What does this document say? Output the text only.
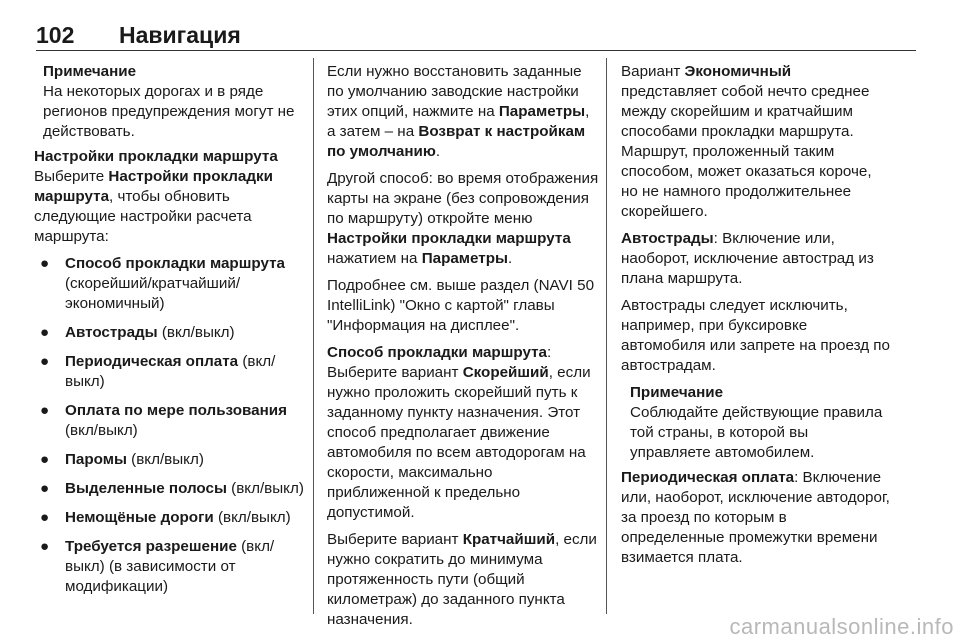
102 Навигация
Примечание
На некоторых дорогах и в ряде регионов предупреждения могут не действовать.

Настройки прокладки маршрута

Выберите Настройки прокладки маршрута, чтобы обновить следующие настройки расчета маршрута:

● Способ прокладки маршрута (скорейший/кратчайший/экономичный)
● Автострады (вкл/выкл)
● Периодическая оплата (вкл/выкл)
● Оплата по мере пользования (вкл/выкл)
● Паромы (вкл/выкл)
● Выделенные полосы (вкл/выкл)
● Немощёные дороги (вкл/выкл)
● Требуется разрешение (вкл/выкл) (в зависимости от модификации)

Если нужно восстановить заданные по умолчанию заводские настройки этих опций, нажмите на Параметры, а затем – на Возврат к настройкам по умолчанию.

Другой способ: во время отображения карты на экране (без сопровождения по маршруту) откройте меню Настройки прокладки маршрута нажатием на Параметры.

Подробнее см. выше раздел (NAVI 50 IntelliLink) "Окно с картой" главы "Информация на дисплее".

Способ прокладки маршрута: Выберите вариант Скорейший, если нужно проложить скорейший путь к заданному пункту назначения. Этот способ предполагает движение автомобиля по всем автодорогам на скорости, максимально приближенной к предельно допустимой.

Выберите вариант Кратчайший, если нужно сократить до минимума протяженность пути (общий километраж) до заданного пункта назначения.

Вариант Экономичный представляет собой нечто среднее между скорейшим и кратчайшим способами прокладки маршрута. Маршрут, проложенный таким способом, может оказаться короче, но не намного продолжительнее скорейшего.

Автострады: Включение или, наоборот, исключение автострад из плана маршрута.

Автострады следует исключить, например, при буксировке автомобиля или запрете на проезд по автострадам.

Примечание
Соблюдайте действующие правила той страны, в которой вы управляете автомобилем.

Периодическая оплата: Включение или, наоборот, исключение автодорог, за проезд по которым в определенные промежутки времени взимается плата.

carmanualsonline.info
